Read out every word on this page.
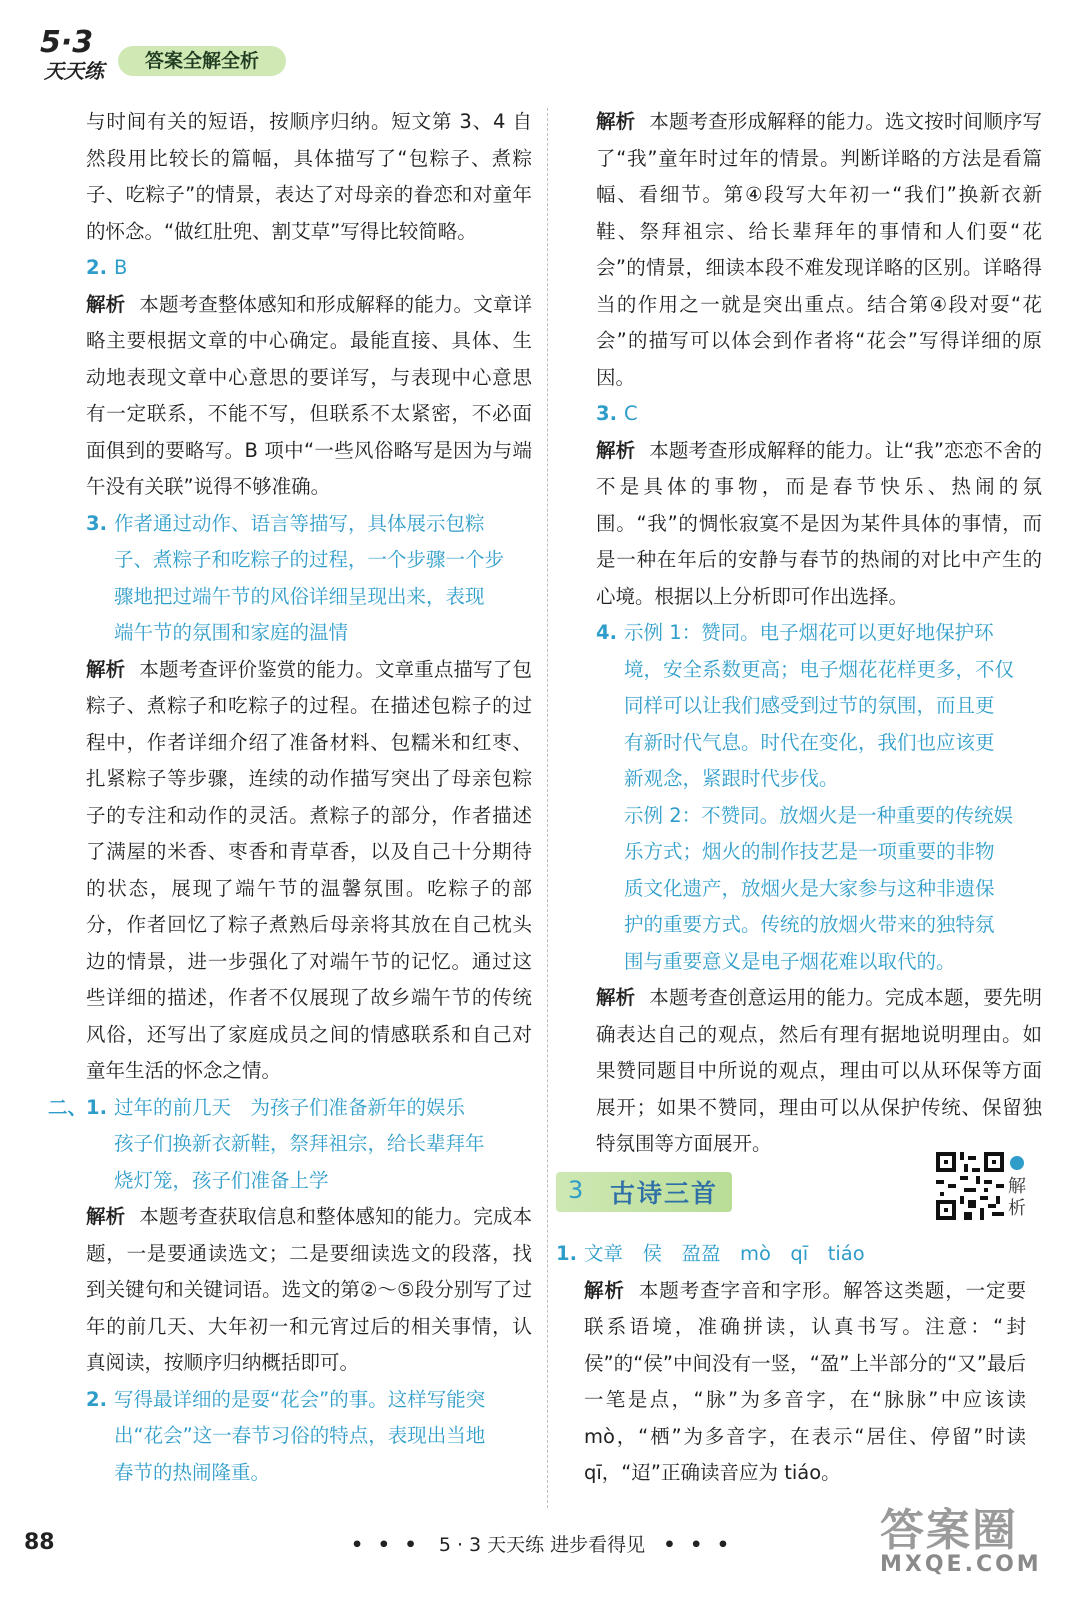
5·3
天天练	答案全解全析

与时间有关的短语，按顺序归纳。短文第 3、4 自然段用比较长的篇幅，具体描写了“包粽子、煮粽子、吃粽子”的情景，表达了对母亲的眷恋和对童年的怀念。“做红肚兜、割艾草”写得比较简略。

2. B

解析 本题考查整体感知和形成解释的能力。文章详略主要根据文章的中心确定。最能直接、具体、生动地表现文章中心意思的要详写，与表现中心意思有一定联系，不能不写，但联系不太紧密，不必面面俱到的要略写。B 项中“一些风俗略写是因为与端午没有关联”说得不够准确。

3. 作者通过动作、语言等描写，具体展示包粽
子、煮粽子和吃粽子的过程，一个步骤一个步
骤地把过端午节的风俗详细呈现出来，表现
端午节的氛围和家庭的温情

解析 本题考查评价鉴赏的能力。文章重点描写了包粽子、煮粽子和吃粽子的过程。在描述包粽子的过程中，作者详细介绍了准备材料、包糯米和红枣、扎紧粽子等步骤，连续的动作描写突出了母亲包粽子的专注和动作的灵活。煮粽子的部分，作者描述了满屋的米香、枣香和青草香，以及自己十分期待的状态，展现了端午节的温馨氛围。吃粽子的部分，作者回忆了粽子煮熟后母亲将其放在自己枕头边的情景，进一步强化了对端午节的记忆。通过这些详细的描述，作者不仅展现了故乡端午节的传统风俗，还写出了家庭成员之间的情感联系和自己对童年生活的怀念之情。

二、
1. 过年的前几天　为孩子们准备新年的娱乐
孩子们换新衣新鞋，祭拜祖宗，给长辈拜年
烧灯笼，孩子们准备上学

解析 本题考查获取信息和整体感知的能力。完成本题，一是要通读选文；二是要细读选文的段落，找到关键句和关键词语。选文的第②～⑤段分别写了过年的前几天、大年初一和元宵过后的相关事情，认真阅读，按顺序归纳概括即可。

2. 写得最详细的是耍“花会”的事。这样写能突
出“花会”这一春节习俗的特点，表现出当地
春节的热闹隆重。

解析 本题考查形成解释的能力。选文按时间顺序写了“我”童年时过年的情景。判断详略的方法是看篇幅、看细节。第④段写大年初一“我们”换新衣新鞋、祭拜祖宗、给长辈拜年的事情和人们耍“花会”的情景，细读本段不难发现详略的区别。详略得当的作用之一就是突出重点。结合第④段对耍“花会”的描写可以体会到作者将“花会”写得详细的原因。

3. C

解析 本题考查形成解释的能力。让“我”恋恋不舍的不是具体的事物，而是春节快乐、热闹的氛围。“我”的惆怅寂寞不是因为某件具体的事情，而是一种在年后的安静与春节的热闹的对比中产生的心境。根据以上分析即可作出选择。

4. 示例 1：赞同。电子烟花可以更好地保护环
境，安全系数更高；电子烟花花样更多，不仅
同样可以让我们感受到过节的氛围，而且更
有新时代气息。时代在变化，我们也应该更
新观念，紧跟时代步伐。
示例 2：不赞同。放烟火是一种重要的传统娱
乐方式；烟火的制作技艺是一项重要的非物
质文化遗产，放烟火是大家参与这种非遗保
护的重要方式。传统的放烟火带来的独特氛
围与重要意义是电子烟花难以取代的。

解析 本题考查创意运用的能力。完成本题，要先明确表达自己的观点，然后有理有据地说明理由。如果赞同题目中所说的观点，理由可以从环保等方面展开；如果不赞同，理由可以从保护传统、保留独特氛围等方面展开。

3 古诗三首	解析
1. 文章　侯　盈盈　mò　qī　tiáo

解析 本题考查字音和字形。解答这类题，一定要联系语境，准确拼读，认真书写。注意：“封侯”的“侯”中间没有一竖，“盈”上半部分的“又”最后一笔是点，“脉”为多音字，在“脉脉”中应该读 mò，“栖”为多音字，在表示“居住、停留”时读 qī，“迢”正确读音应为 tiáo。

88	• • • 5 · 3 天天练 进步看得见 • • •	答案圈
MXQE.COM
